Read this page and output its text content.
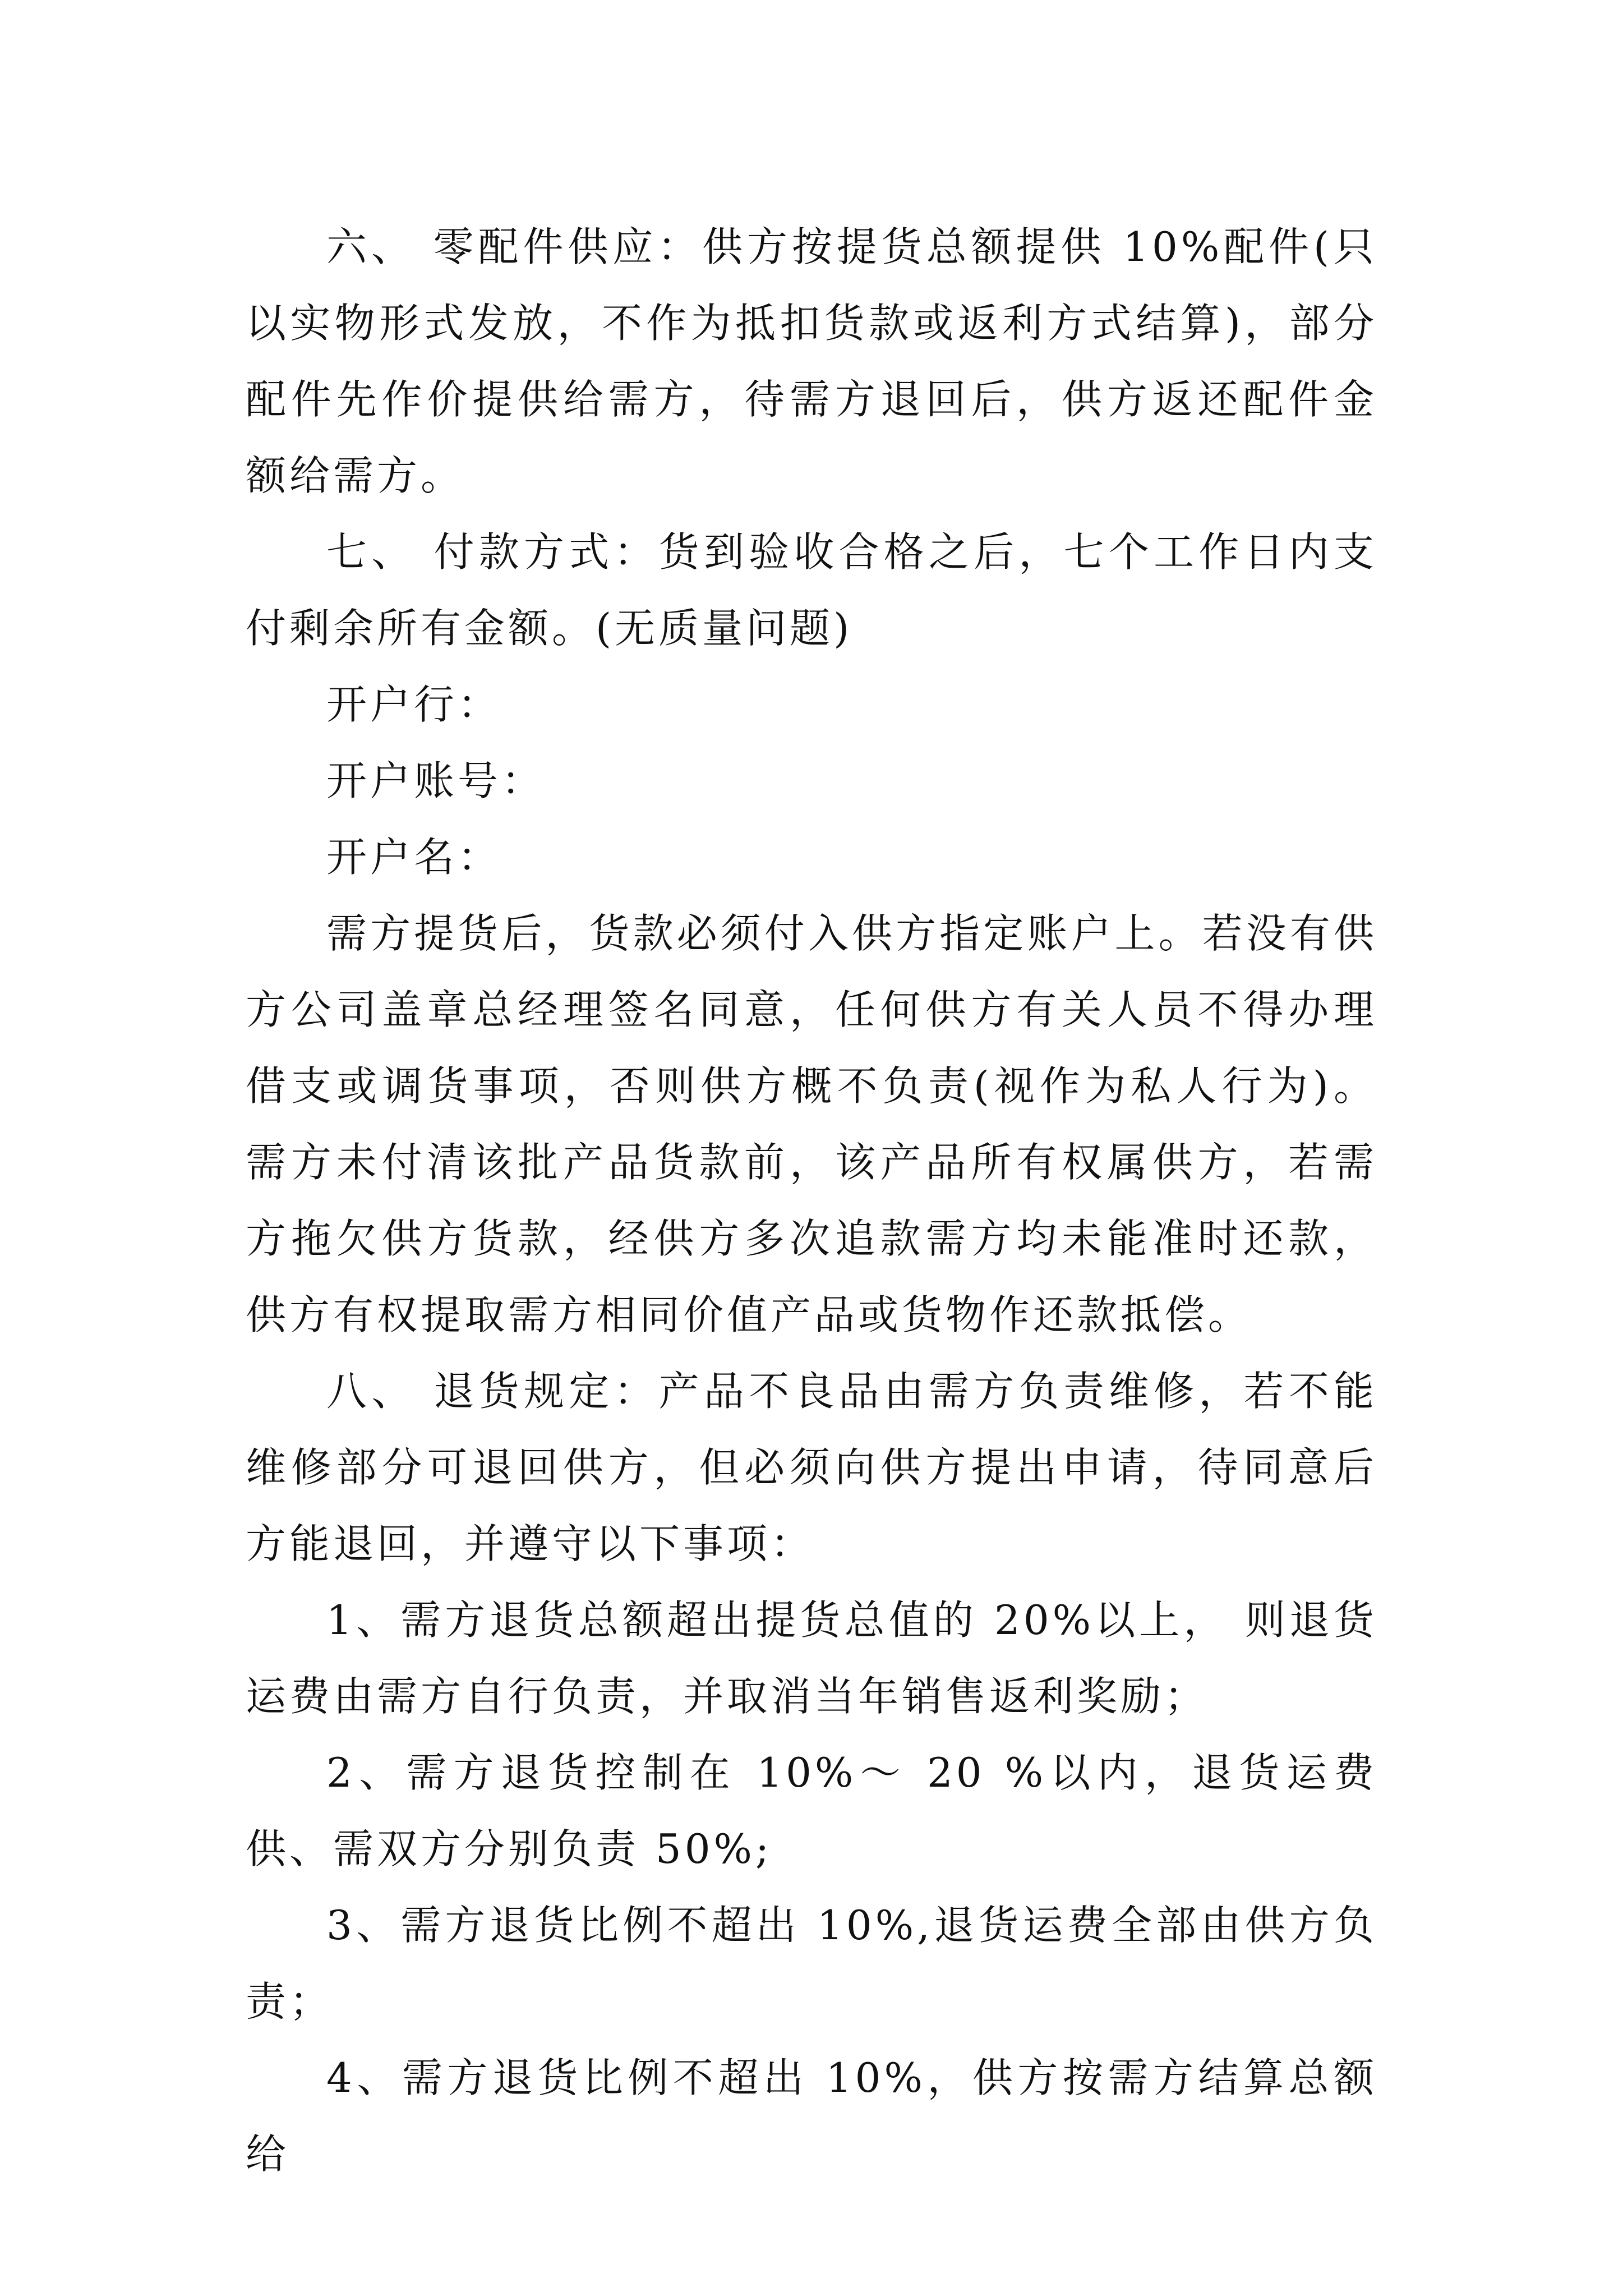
六、 零配件供应：供方按提货总额提供 10%配件(只以实物形式发放，不作为抵扣货款或返利方式结算)，部分配件先作价提供给需方，待需方退回后，供方返还配件金额给需方。

七、 付款方式：货到验收合格之后，七个工作日内支付剩余所有金额。(无质量问题)

开户行：

开户账号：

开户名：

需方提货后，货款必须付入供方指定账户上。若没有供方公司盖章总经理签名同意，任何供方有关人员不得办理借支或调货事项，否则供方概不负责(视作为私人行为)。需方未付清该批产品货款前，该产品所有权属供方，若需方拖欠供方货款，经供方多次追款需方均未能准时还款，供方有权提取需方相同价值产品或货物作还款抵偿。

八、 退货规定：产品不良品由需方负责维修，若不能维修部分可退回供方，但必须向供方提出申请，待同意后方能退回，并遵守以下事项：

1、需方退货总额超出提货总值的 20%以上， 则退货运费由需方自行负责，并取消当年销售返利奖励；

2、需方退货控制在 10%～ 20 %以内，退货运费供、需双方分别负责 50%;

3、需方退货比例不超出 10%,退货运费全部由供方负责；

4、需方退货比例不超出 10%，供方按需方结算总额给
